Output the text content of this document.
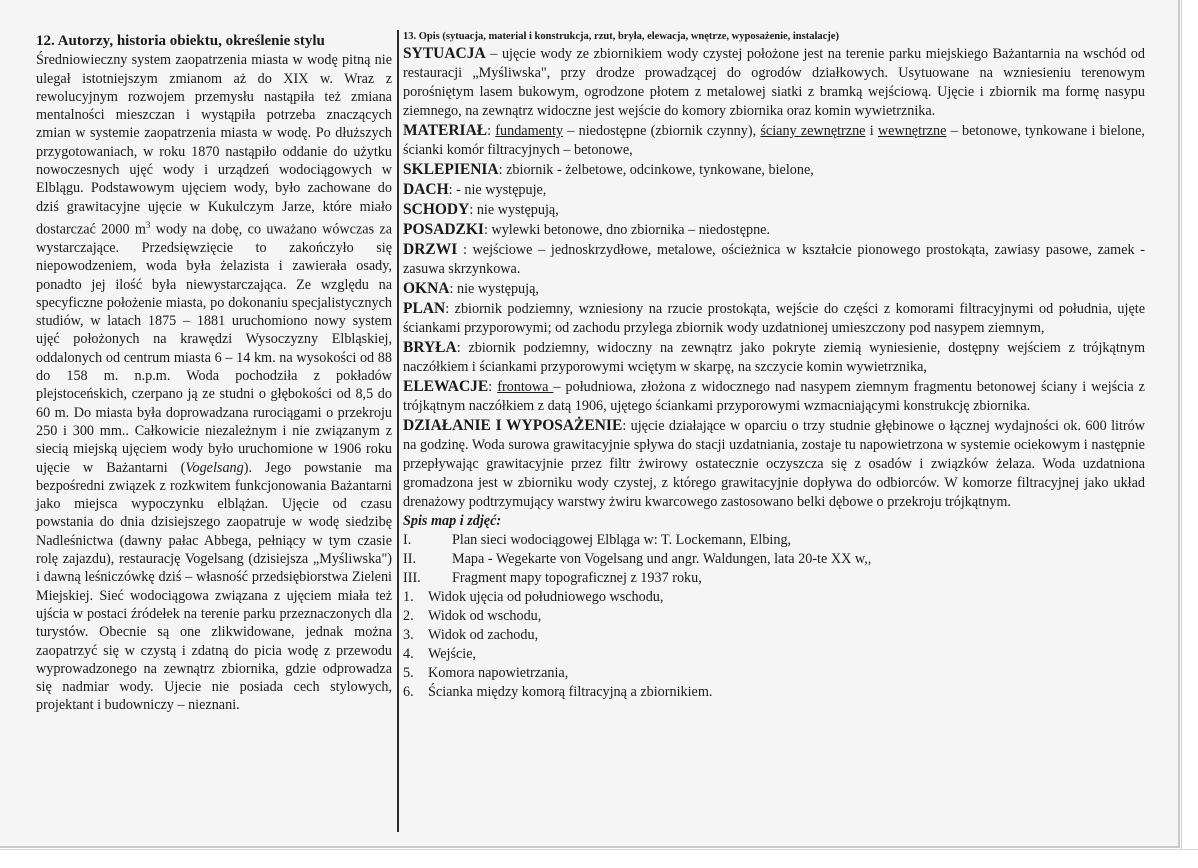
12. Autorzy, historia obiektu, określenie stylu

Średniowieczny system zaopatrzenia miasta w wodę pitną nie ulegał istotniejszym zmianom aż do XIX w. Wraz z rewolucyjnym rozwojem przemysłu nastąpiła też zmiana mentalności mieszczan i wystąpiła potrzeba znaczących zmian w systemie zaopatrzenia miasta w wodę. Po dłuższych przygotowaniach, w roku 1870 nastąpiło oddanie do użytku nowoczesnych ujęć wody i urządzeń wodociągowych w Elblągu. Podstawowym ujęciem wody, było zachowane do dziś grawitacyjne ujęcie w Kukulczym Jarze, które miało dostarczać 2000 $m^3$ wody na dobę, co uważano wówczas za wystarczające. Przedsięwzięcie to zakończyło się niepowodzeniem, woda była żelazista i zawierała osady, ponadto jej ilość była niewystarczająca. Ze względu na specyficzne położenie miasta, po dokonaniu specjalistycznych studiów, w latach 1875 – 1881 uruchomiono nowy system ujęć położonych na krawędzi Wysoczyzny Elbląskiej, oddalonych od centrum miasta 6 – 14 km. na wysokości od 88 do 158 m. n.p.m. Woda pochodziła z pokładów plejstoceńskich, czerpano ją ze studni o głębokości od 8,5 do 60 m. Do miasta była doprowadzana rurociągami o przekroju 250 i 300 mm.. Całkowicie niezależnym i nie związanym z siecią miejską ujęciem wody było uruchomione w 1906 roku ujęcie w Bażantarni (Vogelsang). Jego powstanie ma bezpośredni związek z rozkwitem funkcjonowania Bażantarni jako miejsca wypoczynku elblążan. Ujęcie od czasu powstania do dnia dzisiejszego zaopatruje w wodę siedzibę Nadleśnictwa (dawny pałac Abbega, pełniący w tym czasie rolę zajazdu), restaurację Vogelsang (dzisiejsza „Myśliwska") i dawną leśniczówkę dziś – własność przedsiębiorstwa Zieleni Miejskiej. Sieć wodociągowa związana z ujęciem miała też ujścia w postaci źródełek na terenie parku przeznaczonych dla turystów. Obecnie są one zlikwidowane, jednak można zaopatrzyć się w czystą i zdatną do picia wodę z przewodu wyprowadzonego na zewnątrz zbiornika, gdzie odprowadza się nadmiar wody. Ujecie nie posiada cech stylowych, projektant i budowniczy – nieznani.

13. Opis (sytuacja, materiał i konstrukcja, rzut, bryła, elewacja, wnętrze, wyposażenie, instalacje)

SYTUACJA – ujęcie wody ze zbiornikiem wody czystej położone jest na terenie parku miejskiego Bażantarnia na wschód od restauracji „Myśliwska", przy drodze prowadzącej do ogrodów działkowych. Usytuowane na wzniesieniu terenowym porośniętym lasem bukowym, ogrodzone płotem z metalowej siatki z bramką wejściową. Ujęcie i zbiornik ma formę nasypu ziemnego, na zewnątrz widoczne jest wejście do komory zbiornika oraz komin wywietrznika.

MATERIAŁ: fundamenty – niedostępne (zbiornik czynny), ściany zewnętrzne i wewnętrzne – betonowe, tynkowane i bielone, ścianki komór filtracyjnych – betonowe,

SKLEPIENIA: zbiornik - żelbetowe, odcinkowe, tynkowane, bielone,

DACH: - nie występuje,

SCHODY: nie występują,

POSADZKI: wylewki betonowe, dno zbiornika – niedostępne.

DRZWI : wejściowe – jednoskrzydłowe, metalowe, ościeżnica w kształcie pionowego prostokąta, zawiasy pasowe, zamek - zasuwa skrzynkowa.

OKNA: nie występują,

PLAN: zbiornik podziemny, wzniesiony na rzucie prostokąta, wejście do części z komorami filtracyjnymi od południa, ujęte ściankami przyporowymi; od zachodu przylega zbiornik wody uzdatnionej umieszczony pod nasypem ziemnym,

BRYŁA: zbiornik podziemny, widoczny na zewnątrz jako pokryte ziemią wyniesienie, dostępny wejściem z trójkątnym naczółkiem i ściankami przyporowymi wciętym w skarpę, na szczycie komin wywietrznika,

ELEWACJE: frontowa – południowa, złożona z widocznego nad nasypem ziemnym fragmentu betonowej ściany i wejścia z trójkątnym naczółkiem z datą 1906, ujętego ściankami przyporowymi wzmacniającymi konstrukcję zbiornika.

DZIAŁANIE I WYPOSAŻENIE: ujęcie działające w oparciu o trzy studnie głębinowe o łącznej wydajności ok. 600 litrów na godzinę. Woda surowa grawitacyjnie spływa do stacji uzdatniania, zostaje tu napowietrzona w systemie ociekowym i następnie przepływając grawitacyjnie przez filtr żwirowy ostatecznie oczyszcza się z osadów i związków żelaza. Woda uzdatniona gromadzona jest w zbiorniku wody czystej, z którego grawitacyjnie dopływa do odbiorców. W komorze filtracyjnej jako układ drenażowy podtrzymujący warstwy żwiru kwarcowego zastosowano belki dębowe o przekroju trójkątnym.

Spis map i zdjęć:

I.	Plan sieci wodociągowej Elbląga w: T. Lockemann, Elbing,
II.	Mapa - Wegekarte von Vogelsang und angr. Waldungen, lata 20-te XX w,,
III.	Fragment mapy topograficznej z 1937 roku,
1.	Widok ujęcia od południowego wschodu,
2.	Widok od wschodu,
3.	Widok od zachodu,
4.	Wejście,
5.	Komora napowietrzania,
6.	Ścianka między komorą filtracyjną a zbiornikiem.
